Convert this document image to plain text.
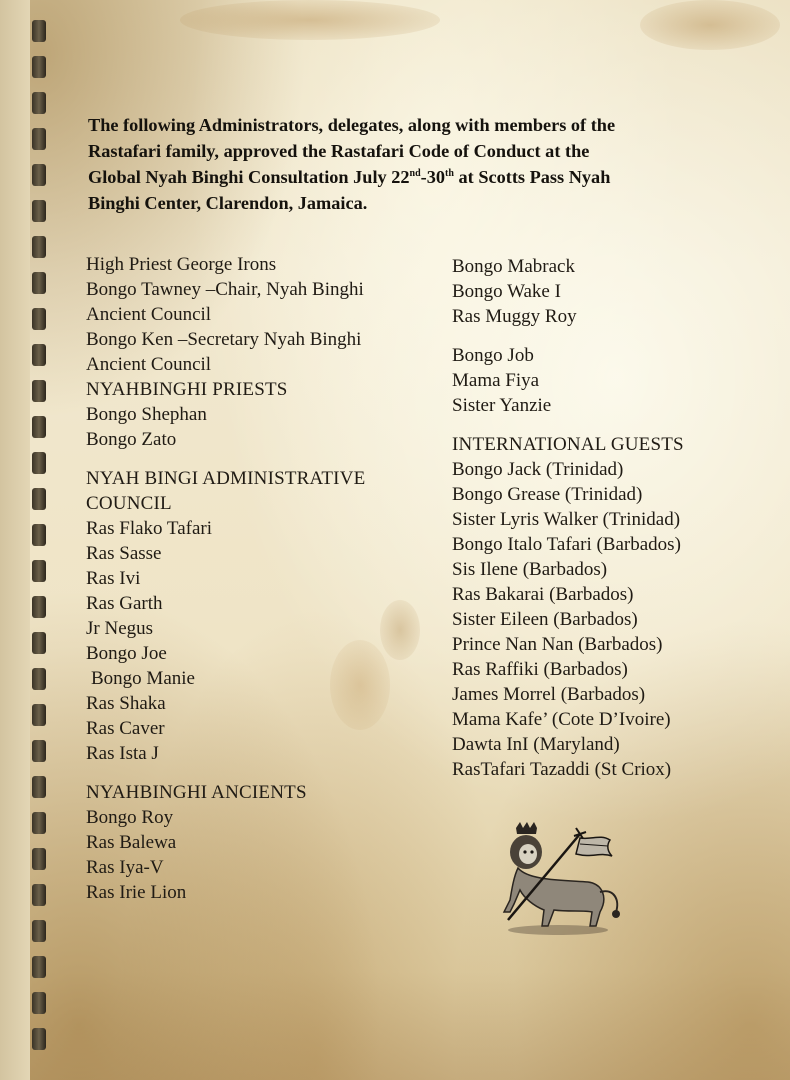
The following Administrators, delegates, along with members of the
Rastafari family, approved the Rastafari Code of Conduct at the
Global Nyah Binghi Consultation July 22nd-30th at Scotts Pass Nyah
Binghi Center, Clarendon, Jamaica.
High Priest George Irons
Bongo Tawney –Chair, Nyah Binghi
Ancient Council
Bongo Ken –Secretary Nyah Binghi
Ancient Council
NYAHBINGHI PRIESTS
Bongo Shephan
Bongo Zato
NYAH BINGI ADMINISTRATIVE
COUNCIL
Ras Flako Tafari
Ras Sasse
Ras Ivi
Ras Garth
Jr Negus
Bongo Joe
Bongo Manie
Ras Shaka
Ras Caver
Ras Ista J
NYAHBINGHI ANCIENTS
Bongo Roy
Ras Balewa
Ras Iya-V
Ras Irie Lion
Bongo Mabrack
Bongo Wake I
Ras Muggy Roy
Bongo Job
Mama Fiya
Sister Yanzie
INTERNATIONAL GUESTS
Bongo Jack (Trinidad)
Bongo Grease (Trinidad)
Sister Lyris Walker (Trinidad)
Bongo Italo Tafari (Barbados)
Sis Ilene (Barbados)
Ras Bakarai (Barbados)
Sister Eileen (Barbados)
Prince Nan Nan (Barbados)
Ras Raffiki (Barbados)
James Morrel (Barbados)
Mama Kafe’ (Cote D’Ivoire)
Dawta InI (Maryland)
RasTafari Tazaddi (St Criox)
